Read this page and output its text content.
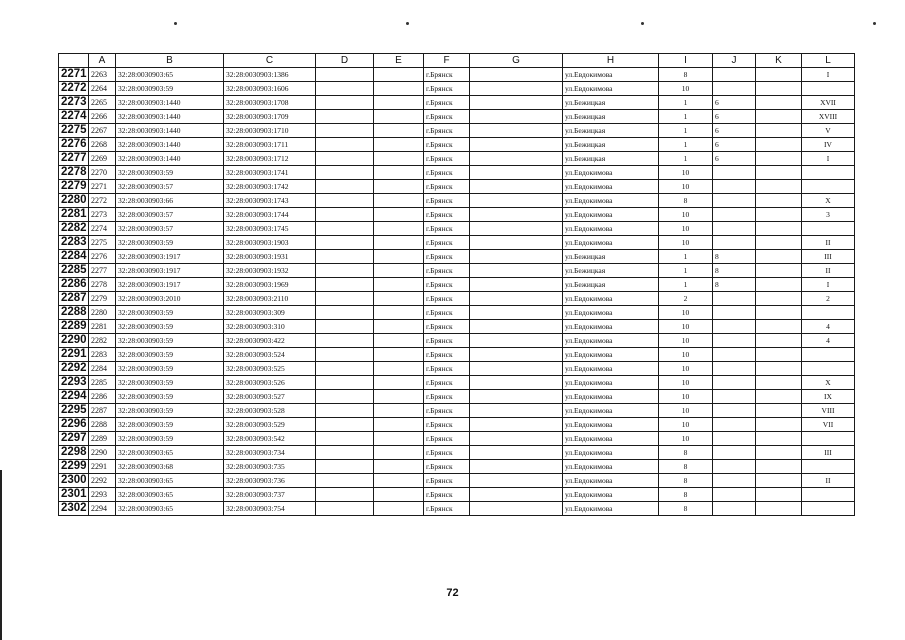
	A	B	C	D	E	F	G	H	I	J	K	L
2271	2263	32:28:0030903:65	32:28:0030903:1386			г.Брянск		ул.Евдокимова	8			I
2272	2264	32:28:0030903:59	32:28:0030903:1606			г.Брянск		ул.Евдокимова	10			
2273	2265	32:28:0030903:1440	32:28:0030903:1708			г.Брянск		ул.Бежицкая	1	6		XVII
2274	2266	32:28:0030903:1440	32:28:0030903:1709			г.Брянск		ул.Бежицкая	1	6		XVIII
2275	2267	32:28:0030903:1440	32:28:0030903:1710			г.Брянск		ул.Бежицкая	1	6		V
2276	2268	32:28:0030903:1440	32:28:0030903:1711			г.Брянск		ул.Бежицкая	1	6		IV
2277	2269	32:28:0030903:1440	32:28:0030903:1712			г.Брянск		ул.Бежицкая	1	6		I
2278	2270	32:28:0030903:59	32:28:0030903:1741			г.Брянск		ул.Евдокимова	10			
2279	2271	32:28:0030903:57	32:28:0030903:1742			г.Брянск		ул.Евдокимова	10			
2280	2272	32:28:0030903:66	32:28:0030903:1743			г.Брянск		ул.Евдокимова	8			X
2281	2273	32:28:0030903:57	32:28:0030903:1744			г.Брянск		ул.Евдокимова	10			3
2282	2274	32:28:0030903:57	32:28:0030903:1745			г.Брянск		ул.Евдокимова	10			
2283	2275	32:28:0030903:59	32:28:0030903:1903			г.Брянск		ул.Евдокимова	10			II
2284	2276	32:28:0030903:1917	32:28:0030903:1931			г.Брянск		ул.Бежицкая	1	8		III
2285	2277	32:28:0030903:1917	32:28:0030903:1932			г.Брянск		ул.Бежицкая	1	8		II
2286	2278	32:28:0030903:1917	32:28:0030903:1969			г.Брянск		ул.Бежицкая	1	8		I
2287	2279	32:28:0030903:2010	32:28:0030903:2110			г.Брянск		ул.Евдокимова	2			2
2288	2280	32:28:0030903:59	32:28:0030903:309			г.Брянск		ул.Евдокимова	10			
2289	2281	32:28:0030903:59	32:28:0030903:310			г.Брянск		ул.Евдокимова	10			4
2290	2282	32:28:0030903:59	32:28:0030903:422			г.Брянск		ул.Евдокимова	10			4
2291	2283	32:28:0030903:59	32:28:0030903:524			г.Брянск		ул.Евдокимова	10			
2292	2284	32:28:0030903:59	32:28:0030903:525			г.Брянск		ул.Евдокимова	10			
2293	2285	32:28:0030903:59	32:28:0030903:526			г.Брянск		ул.Евдокимова	10			X
2294	2286	32:28:0030903:59	32:28:0030903:527			г.Брянск		ул.Евдокимова	10			IX
2295	2287	32:28:0030903:59	32:28:0030903:528			г.Брянск		ул.Евдокимова	10			VIII
2296	2288	32:28:0030903:59	32:28:0030903:529			г.Брянск		ул.Евдокимова	10			VII
2297	2289	32:28:0030903:59	32:28:0030903:542			г.Брянск		ул.Евдокимова	10			
2298	2290	32:28:0030903:65	32:28:0030903:734			г.Брянск		ул.Евдокимова	8			III
2299	2291	32:28:0030903:68	32:28:0030903:735			г.Брянск		ул.Евдокимова	8			
2300	2292	32:28:0030903:65	32:28:0030903:736			г.Брянск		ул.Евдокимова	8			II
2301	2293	32:28:0030903:65	32:28:0030903:737			г.Брянск		ул.Евдокимова	8			
2302	2294	32:28:0030903:65	32:28:0030903:754			г.Брянск		ул.Евдокимова	8			
72
